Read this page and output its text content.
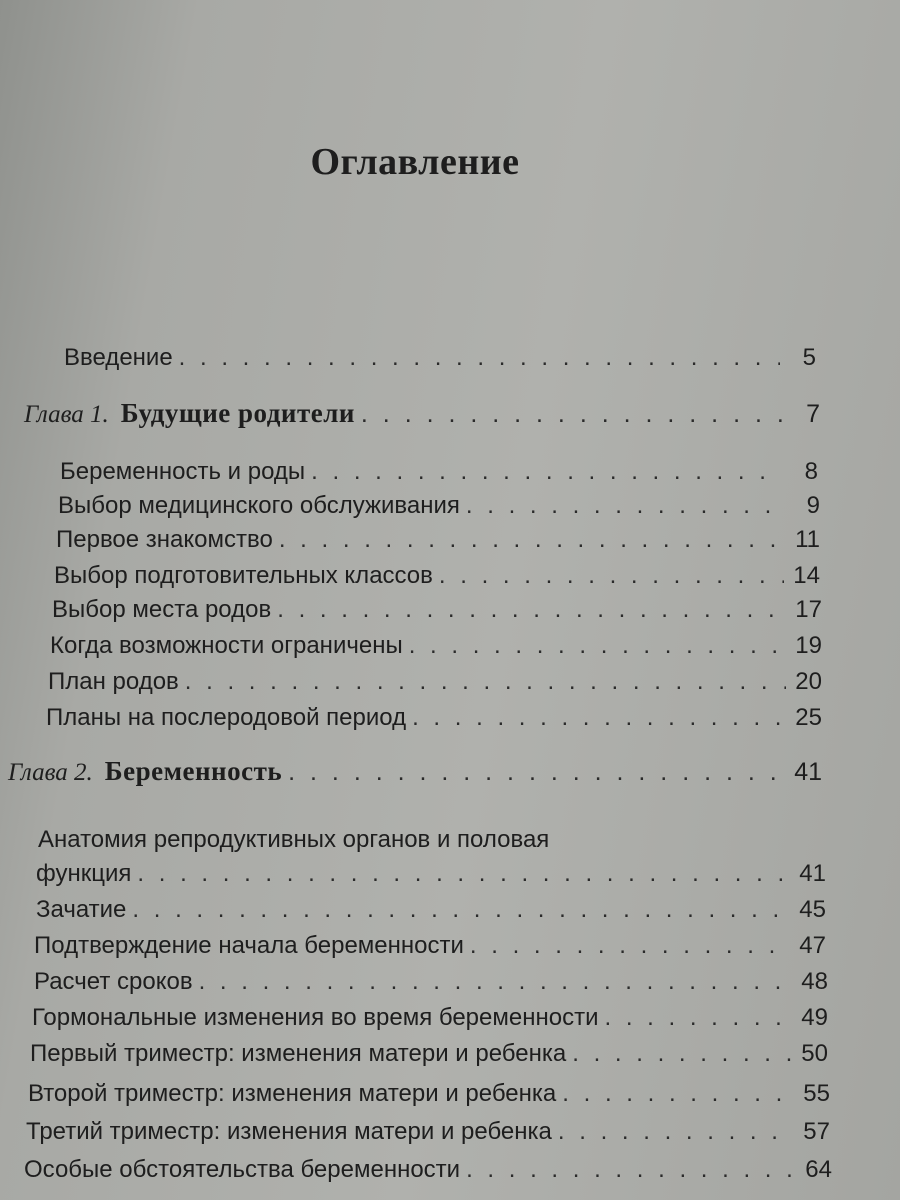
Оглавление
Введение . . .	5
Глава 1. Будущие родители . . .	7
Беременность и роды . . .	8
Выбор медицинского обслуживания . . .	9
Первое знакомство . . .	11
Выбор подготовительных классов . . .	14
Выбор места родов . . .	17
Когда возможности ограничены . . .	19
План родов . . .	20
Планы на послеродовой период . . .	25
Глава 2. Беременность . . .	41
Анатомия репродуктивных органов и половая
функция . . .	41
Зачатие . . .	45
Подтверждение начала беременности . . .	47
Расчет сроков . . .	48
Гормональные изменения во время беременности . . .	49
Первый триместр: изменения матери и ребенка . . .	50
Второй триместр: изменения матери и ребенка . . .	55
Третий триместр: изменения матери и ребенка . . .	57
Особые обстоятельства беременности . . .	64
